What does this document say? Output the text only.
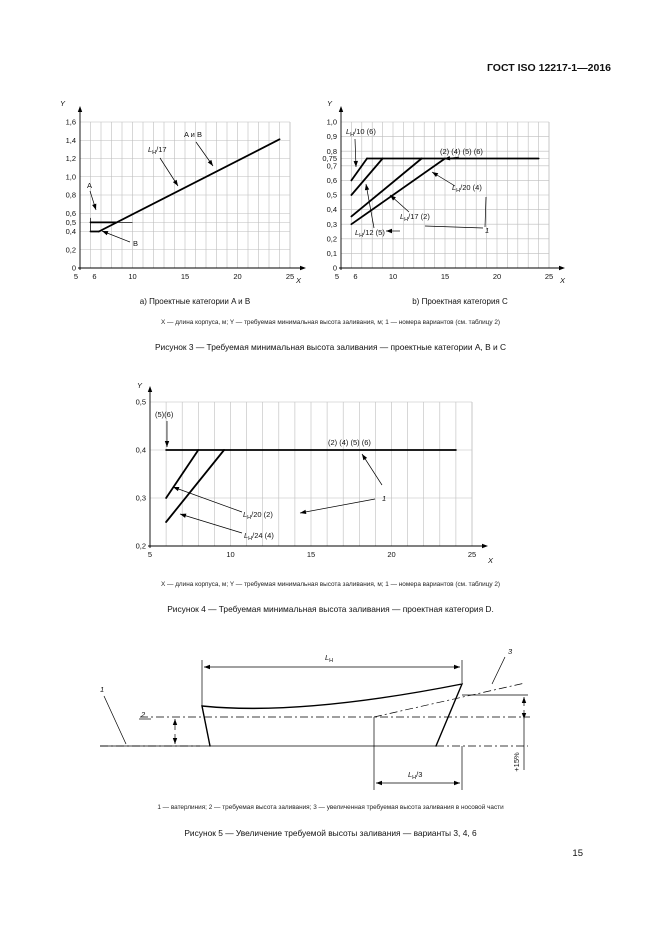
ГОСТ ISO 12217-1—2016
1,6
1,4
1,2
1,0
0,8
0,6
0,5
0,4
0,2
0
5 6	10	15	20	25
Y
X
A и B
$L_H/17$
A
B
1,0
0,9
0,8
0,75
0,7
0,6
0,5
0,4
0,3
0,2
0,1
0
5 6	10	15	20	25
Y
X
$L_H/10$ (6)
(2) (4) (5) (6)
$L_H/20$ (4)
$L_H/17$ (2)
$L_H/12$ (5)	1
0,5
0,4
0,3
0,2
5	10	15	20	25
Y
X
(5)(6)
(2) (4) (5) (6)
$L_H/20$ (2)
$L_H/24$ (4)
1
$L_H$
+15%
$L_H/3$
1
2
3
a) Проектные категории A и B	b) Проектная категория C
X — длина корпуса, м; Y — требуемая минимальная высота заливания, м; 1 — номера вариантов (см. таблицу 2)
Рисунок 3 — Требуемая минимальная высота заливания — проектные категории A, B и C
X — длина корпуса, м; Y — требуемая минимальная высота заливания, м; 1 — номера вариантов (см. таблицу 2)
Рисунок 4 — Требуемая минимальная высота заливания — проектная категория D.
1 — ватерлиния; 2 — требуемая высота заливания; 3 — увеличенная требуемая высота заливания в носовой части
Рисунок 5 — Увеличение требуемой высоты заливания — варианты 3, 4, 6
15
